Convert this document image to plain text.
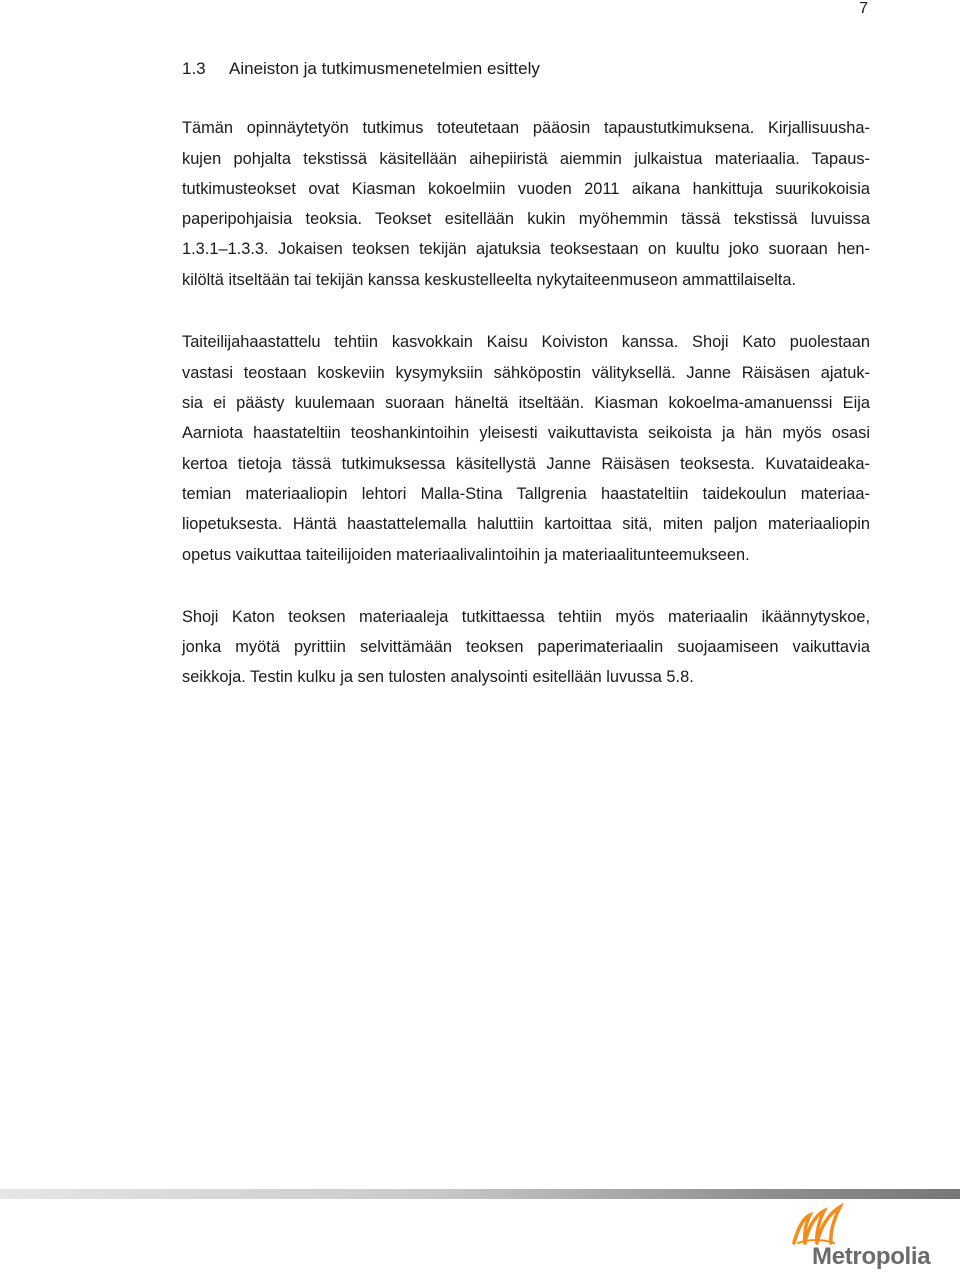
7
1.3 Aineiston ja tutkimusmenetelmien esittely
Tämän opinnäytetyön tutkimus toteutetaan pääosin tapaustutkimuksena. Kirjallisuusha-
kujen pohjalta tekstissä käsitellään aihepiiristä aiemmin julkaistua materiaalia. Tapaus-
tutkimusteokset ovat Kiasman kokoelmiin vuoden 2011 aikana hankittuja suurikokoisia
paperipohjaisia teoksia. Teokset esitellään kukin myöhemmin tässä tekstissä luvuissa
1.3.1–1.3.3. Jokaisen teoksen tekijän ajatuksia teoksestaan on kuultu joko suoraan hen-
kilöltä itseltään tai tekijän kanssa keskustelleelta nykytaiteenmuseon ammattilaiselta.
Taiteilijahaastattelu tehtiin kasvokkain Kaisu Koiviston kanssa. Shoji Kato puolestaan
vastasi teostaan koskeviin kysymyksiin sähköpostin välityksellä. Janne Räisäsen ajatuk-
sia ei päästy kuulemaan suoraan häneltä itseltään. Kiasman kokoelma-amanuenssi Eija
Aarniota haastateltiin teoshankintoihin yleisesti vaikuttavista seikoista ja hän myös osasi
kertoa tietoja tässä tutkimuksessa käsitellystä Janne Räisäsen teoksesta. Kuvataideaka-
temian materiaaliopin lehtori Malla-Stina Tallgrenia haastateltiin taidekoulun materiaa-
liopetuksesta. Häntä haastattelemalla haluttiin kartoittaa sitä, miten paljon materiaaliopin
opetus vaikuttaa taiteilijoiden materiaalivalintoihin ja materiaalitunteemukseen.
Shoji Katon teoksen materiaaleja tutkittaessa tehtiin myös materiaalin ikäännytyskoe,
jonka myötä pyrittiin selvittämään teoksen paperimateriaalin suojaamiseen vaikuttavia
seikkoja. Testin kulku ja sen tulosten analysointi esitellään luvussa 5.8.
Metropolia
